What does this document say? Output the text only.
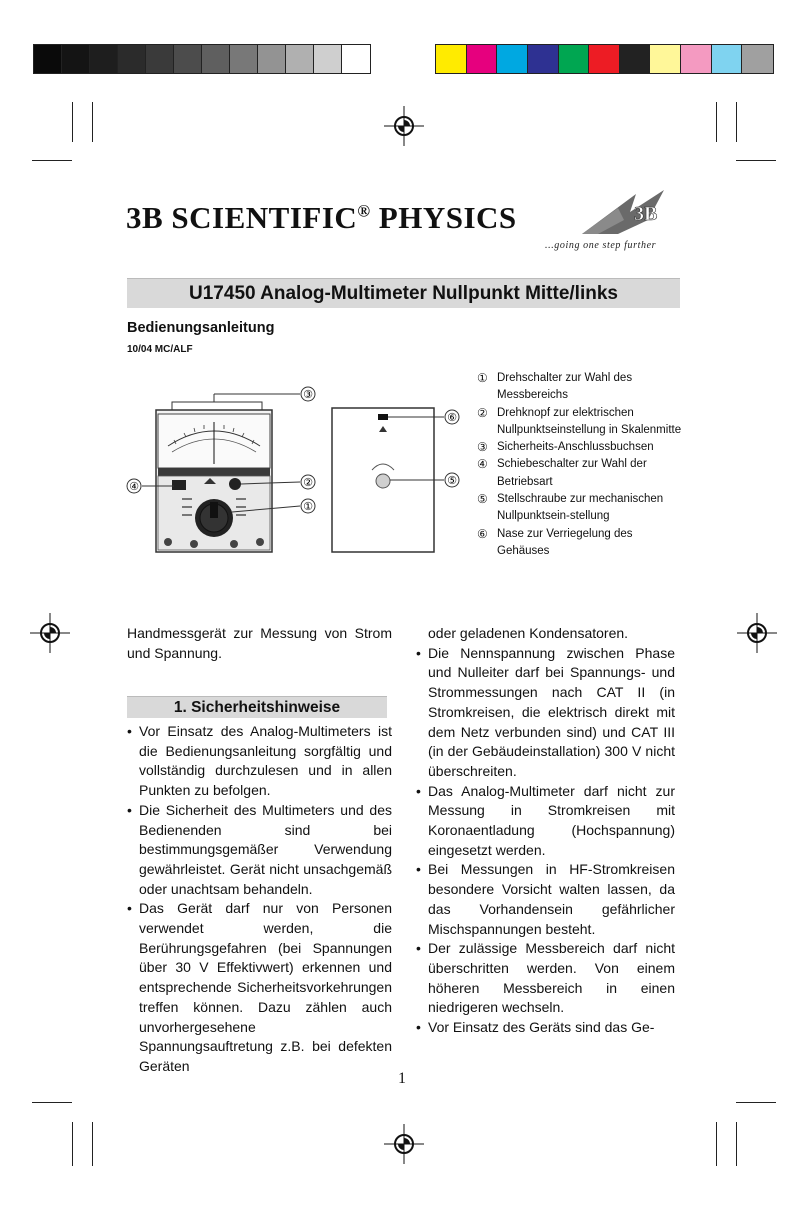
3B SCIENTIFIC® PHYSICS	3B
...going one step further
U17450 Analog-Multimeter Nullpunkt Mitte/links
Bedienungsanleitung
10/04 MC/ALF
③
②
①
④
⑥
⑤
① Drehschalter zur Wahl des Messbereichs
② Drehknopf zur elektrischen Nullpunktseinstellung in Skalenmitte
③ Sicherheits-Anschlussbuchsen
④ Schiebeschalter zur Wahl der Betriebsart
⑤ Stellschraube zur mechanischen Nullpunktsein-stellung
⑥ Nase zur Verriegelung des Gehäuses

Handmessgerät zur Messung von Strom und Spannung.

1. Sicherheitshinweise
• Vor Einsatz des Analog-Multimeters ist die Bedienungsanleitung sorgfältig und vollständig durchzulesen und in allen Punkten zu befolgen.
• Die Sicherheit des Multimeters und des Bedienenden sind bei bestimmungsgemäßer Verwendung gewährleistet. Gerät nicht unsachgemäß oder unachtsam behandeln.
• Das Gerät darf nur von Personen verwendet werden, die Berührungsgefahren (bei Spannungen über 30 V Effektivwert) erkennen und entsprechende Sicherheitsvorkehrungen treffen können. Dazu zählen auch unvorhergesehene Spannungsauftretung z.B. bei defekten Geräten

oder geladenen Kondensatoren.

• Die Nennspannung zwischen Phase und Nulleiter darf bei Spannungs- und Strommessungen nach CAT II (in Stromkreisen, die elektrisch direkt mit dem Netz verbunden sind) und CAT III (in der Gebäudeinstallation) 300 V nicht überschreiten.
• Das Analog-Multimeter darf nicht zur Messung in Stromkreisen mit Koronaentladung (Hochspannung) eingesetzt werden.
• Bei Messungen in HF-Stromkreisen besondere Vorsicht walten lassen, da das Vorhandensein gefährlicher Mischspannungen besteht.
• Der zulässige Messbereich darf nicht überschritten werden. Von einem höheren Messbereich in einen niedrigeren wechseln.
• Vor Einsatz des Geräts sind das Ge-
1
